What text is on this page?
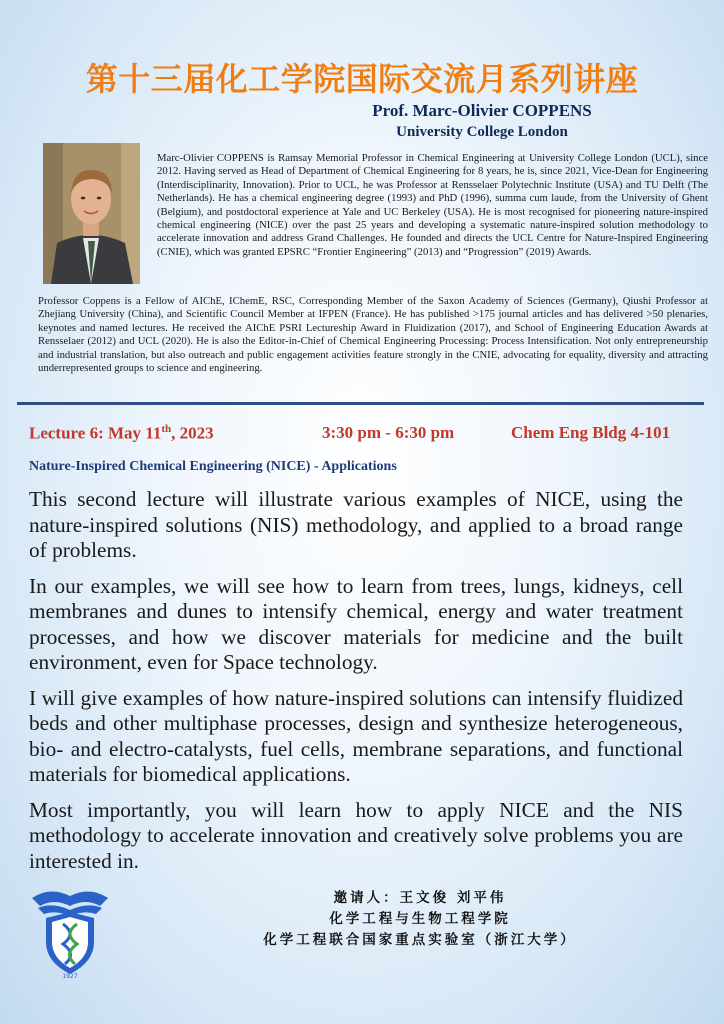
第十三届化工学院国际交流月系列讲座
Prof. Marc-Olivier COPPENS
University College London
Marc-Olivier COPPENS is Ramsay Memorial Professor in Chemical Engineering at University College London (UCL), since 2012. Having served as Head of Department of Chemical Engineering for 8 years, he is, since 2021, Vice-Dean for Engineering (Interdisciplinarity, Innovation). Prior to UCL, he was Professor at Rensselaer Polytechnic Institute (USA) and TU Delft (The Netherlands). He has a chemical engineering degree (1993) and PhD (1996), summa cum laude, from the University of Ghent (Belgium), and postdoctoral experience at Yale and UC Berkeley (USA). He is most recognised for pioneering nature-inspired chemical engineering (NICE) over the past 25 years and developing a systematic nature-inspired solution methodology to accelerate innovation and address Grand Challenges. He founded and directs the UCL Centre for Nature-Inspired Engineering (CNIE), which was granted EPSRC “Frontier Engineering” (2013) and “Progression” (2019) Awards.
Professor Coppens is a Fellow of AIChE, IChemE, RSC, Corresponding Member of the Saxon Academy of Sciences (Germany), Qiushi Professor at Zhejiang University (China), and Scientific Council Member at IFPEN (France). He has published >175 journal articles and has delivered >50 plenaries, keynotes and named lectures. He received the AIChE PSRI Lectureship Award in Fluidization (2017), and School of Engineering Education Awards at Rensselaer (2012) and UCL (2020). He is also the Editor-in-Chief of Chemical Engineering Processing: Process Intensification. Not only entrepreneurship and industrial translation, but also outreach and public engagement activities feature strongly in the CNIE, advocating for equality, diversity and attracting underrepresented groups to science and engineering.
Lecture 6: May 11th, 2023	3:30 pm - 6:30 pm	Chem Eng Bldg 4-101
Nature-Inspired Chemical Engineering (NICE) - Applications

This second lecture will illustrate various examples of NICE, using the nature-inspired solutions (NIS) methodology, and applied to a broad range of problems.

In our examples, we will see how to learn from trees, lungs, kidneys, cell membranes and dunes to intensify chemical, energy and water treatment processes, and how we discover materials for medicine and the built environment, even for Space technology.

I will give examples of how nature-inspired solutions can intensify fluidized beds and other multiphase processes, design and synthesize heterogeneous, bio- and electro-catalysts, fuel cells, membrane separations, and functional materials for biomedical applications.

Most importantly, you will learn how to apply NICE and the NIS methodology to accelerate innovation and creatively solve problems you are interested in.

1927
邀请人：王文俊 刘平伟
化学工程与生物工程学院
化学工程联合国家重点实验室（浙江大学）
